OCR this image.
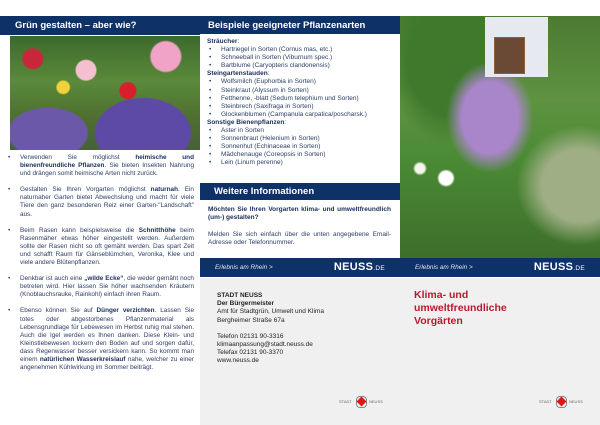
Grün gestalten – aber wie?
• Verwenden Sie möglichst heimische und bienenfreundliche Pflanzen. Sie bieten Insekten Nahrung und drängen somit heimische Arten nicht zurück.
• Gestalten Sie Ihren Vorgarten möglichst naturnah. Ein naturnaher Garten bietet Abwechslung und macht für viele Tiere den ganz besonderen Reiz einer Garten-"Landschaft" aus.
• Beim Rasen kann beispielsweise die Schnitthöhe beim Rasenmäher etwas höher eingestellt werden. Außerdem sollte der Rasen nicht so oft gemäht werden. Das spart Zeit und schafft Raum für Gänseblümchen, Veronika, Klee und viele andere Blütenpflanzen.
• Denkbar ist auch eine „wilde Ecke“, die weder gemäht noch betreten wird. Hier lassen Sie höher wachsenden Kräutern (Knoblauchsrauke, Rainkohl) einfach ihren Raum.
• Ebenso können Sie auf Dünger verzichten. Lassen Sie totes oder abgestorbenes Pflanzenmaterial als Lebensgrundlage für Lebewesen im Herbst ruhig mal stehen. Auch die Igel werden es Ihnen danken. Diese Klein- und Kleinstlebewesen lockern den Boden auf und sorgen dafür, dass Regenwasser besser versickern kann. So kommt man einem natürlichen Wasserkreislauf nahe, welcher zu einer angenehmen Kühlwirkung im Sommer beiträgt.
Beispiele geeigneter Pflanzenarten
Sträucher:
• Hartriegel in Sorten (Cornus mas, etc.)
• Schneeball in Sorten (Viburnum spec.)
• Bartblume (Caryopteris clandonensis)
Steingartenstauden:
• Wolfsmilch (Euphorbia in Sorten)
• Steinkraut (Alyssum in Sorten)
• Fetthenne, -blatt (Sedum telephium und Sorten)
• Steinbrech (Saxifraga in Sorten)
• Glockenblumen (Campanula carpatica/poscharsk.)
Sonstige Bienenpflanzen:
• Aster in Sorten
• Sonnenbraut (Helenium in Sorten)
• Sonnenhut (Echinaceae in Sorten)
• Mädchenauge (Coreopsis in Sorten)
• Lein (Linum perenne)
Weitere Informationen
Möchten Sie Ihren Vorgarten klima- und umweltfreundlich (um-) gestalten?
Melden Sie sich einfach über die unten angegebene Email-Adresse oder Telefonnummer.
Erlebnis am Rhein >	NEUSS.DE
STADT NEUSS
Der Bürgermeister
Amt für Stadtgrün, Umwelt und Klima
Bergheimer Straße 67a
Telefon 02131 90-3316
klimaanpassung@stadt.neuss.de
Telefax 02131 90-3370
www.neuss.de
STADT	NEUSS
Erlebnis am Rhein >	NEUSS.DE
Klima- und
umweltfreundliche
Vorgärten
STADT	NEUSS
